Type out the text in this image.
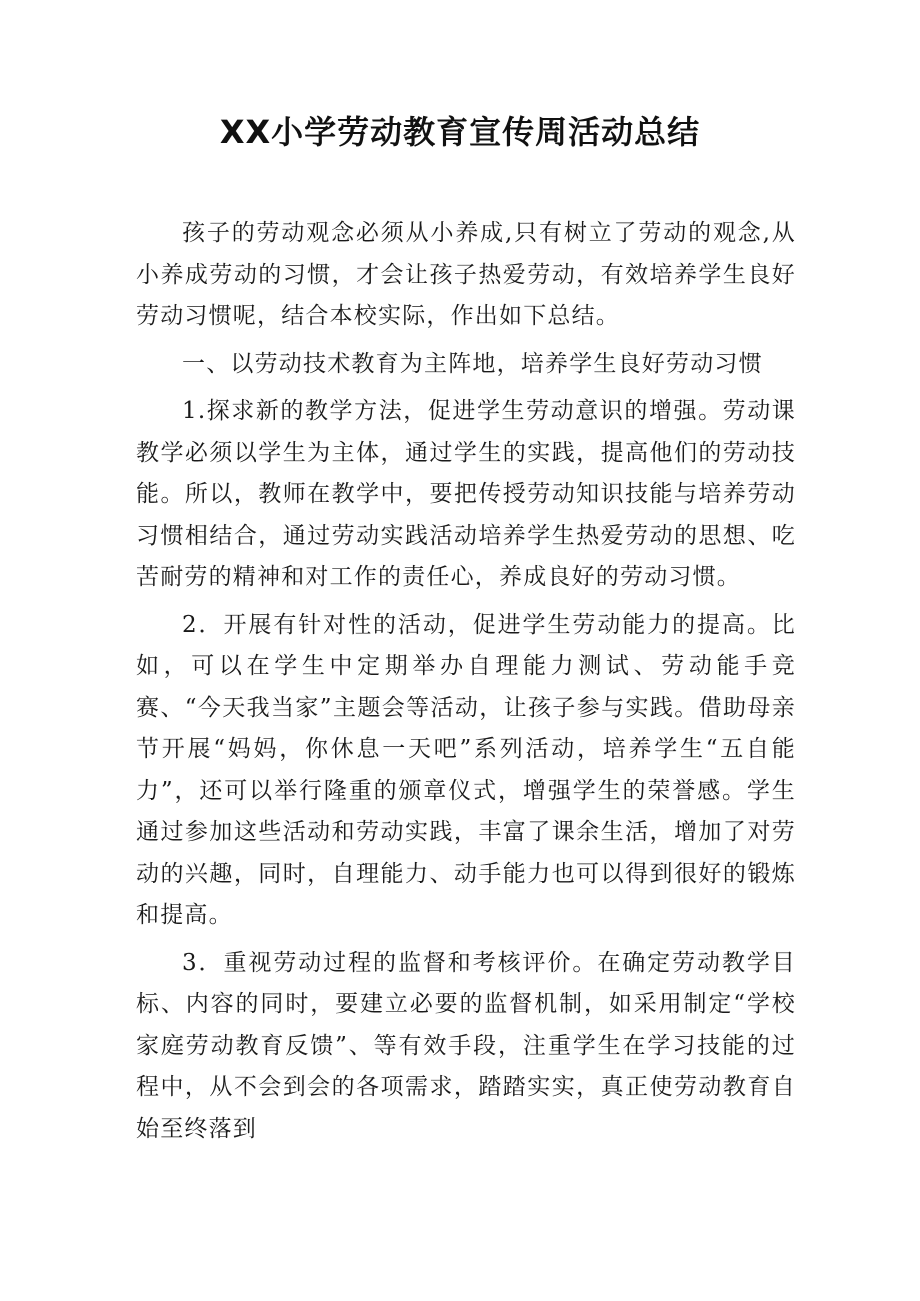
XX小学劳动教育宣传周活动总结

孩子的劳动观念必须从小养成,只有树立了劳动的观念,从小养成劳动的习惯，才会让孩子热爱劳动，有效培养学生良好劳动习惯呢，结合本校实际，作出如下总结。

一、以劳动技术教育为主阵地，培养学生良好劳动习惯

1.探求新的教学方法，促进学生劳动意识的增强。劳动课教学必须以学生为主体，通过学生的实践，提高他们的劳动技能。所以，教师在教学中，要把传授劳动知识技能与培养劳动习惯相结合，通过劳动实践活动培养学生热爱劳动的思想、吃苦耐劳的精神和对工作的责任心，养成良好的劳动习惯。

2．开展有针对性的活动，促进学生劳动能力的提高。比如，可以在学生中定期举办自理能力测试、劳动能手竞赛、“今天我当家”主题会等活动，让孩子参与实践。借助母亲节开展“妈妈，你休息一天吧”系列活动，培养学生“五自能力”，还可以举行隆重的颁章仪式，增强学生的荣誉感。学生通过参加这些活动和劳动实践，丰富了课余生活，增加了对劳动的兴趣，同时，自理能力、动手能力也可以得到很好的锻炼和提高。

3．重视劳动过程的监督和考核评价。在确定劳动教学目标、内容的同时，要建立必要的监督机制，如采用制定“学校家庭劳动教育反馈”、等有效手段，注重学生在学习技能的过程中，从不会到会的各项需求，踏踏实实，真正使劳动教育自始至终落到
